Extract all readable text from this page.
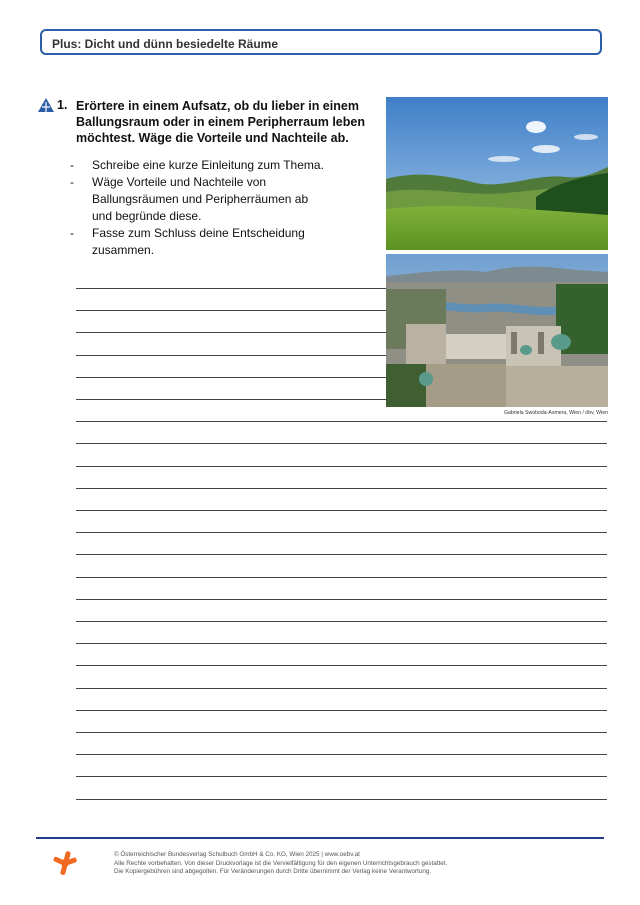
Plus: Dicht und dünn besiedelte Räume
1. Erörtere in einem Aufsatz, ob du lieber in einem Ballungsraum oder in einem Peripherraum leben möchtest. Wäge die Vorteile und Nachteile ab.
-	Schreibe eine kurze Einleitung zum Thema.
-	Wäge Vorteile und Nachteile von
Ballungsräumen und Peripherräumen ab
und begründe diese.
-	Fasse zum Schluss deine Entscheidung
zusammen.
Gabriela Swoboda-Asmera, Wien / öbv, Wien
© Österreichischer Bundesverlag Schulbuch GmbH & Co. KG, Wien 2025 | www.oebv.at
Alle Rechte vorbehalten. Von dieser Druckvorlage ist die Vervielfältigung für den eigenen Unterrichtsgebrauch gestattet.
Die Kopiergebühren sind abgegolten. Für Veränderungen durch Dritte übernimmt der Verlag keine Verantwortung.
